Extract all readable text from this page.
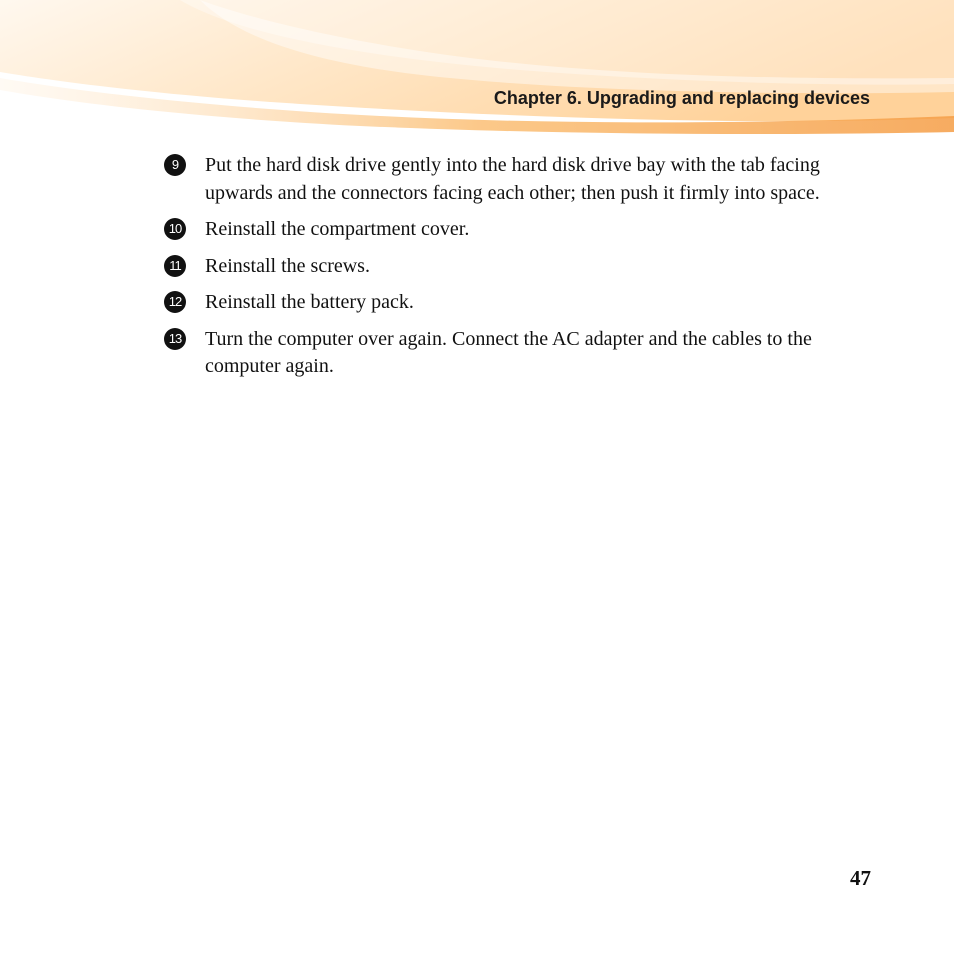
Chapter 6. Upgrading and replacing devices
9	Put the hard disk drive gently into the hard disk drive bay with the tab facing upwards and the connectors facing each other; then push it firmly into space.
10 Reinstall the compartment cover.
11 Reinstall the screws.
12 Reinstall the battery pack.
13 Turn the computer over again. Connect the AC adapter and the cables to the computer again.
47
